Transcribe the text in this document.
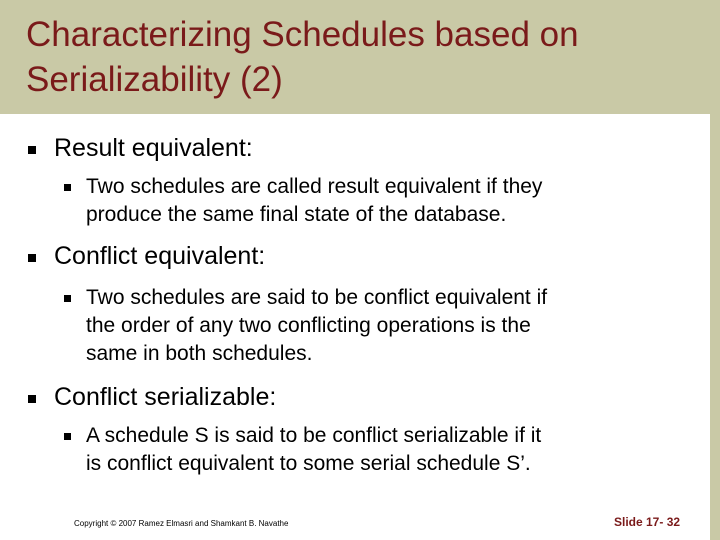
Characterizing Schedules based on
Serializability (2)
Result equivalent:
Two schedules are called result equivalent if they
produce the same final state of the database.
Conflict equivalent:
Two schedules are said to be conflict equivalent if
the order of any two conflicting operations is the
same in both schedules.
Conflict serializable:
A schedule S is said to be conflict serializable if it
is conflict equivalent to some serial schedule S’.
Copyright © 2007 Ramez Elmasri and Shamkant B. Navathe	Slide 17- 32
